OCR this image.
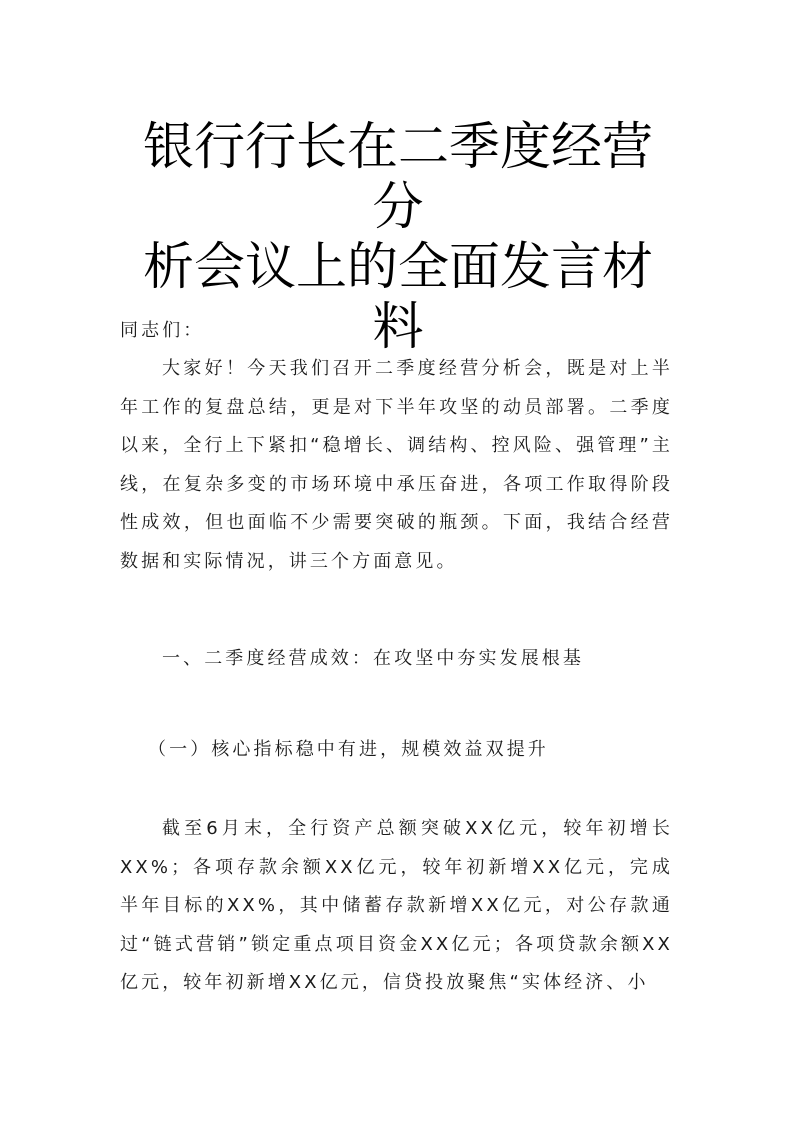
银行行长在二季度经营分
析会议上的全面发言材料

同志们：

大家好！今天我们召开二季度经营分析会，既是对上半年工作的复盘总结，更是对下半年攻坚的动员部署。二季度以来，全行上下紧扣“稳增长、调结构、控风险、强管理”主线，在复杂多变的市场环境中承压奋进，各项工作取得阶段性成效，但也面临不少需要突破的瓶颈。下面，我结合经营数据和实际情况，讲三个方面意见。

一、二季度经营成效：在攻坚中夯实发展根基

（一）核心指标稳中有进，规模效益双提升

截至6月末，全行资产总额突破XX亿元，较年初增长XX%；各项存款余额XX亿元，较年初新增XX亿元，完成半年目标的XX%，其中储蓄存款新增XX亿元，对公存款通过“链式营销”锁定重点项目资金XX亿元；各项贷款余额XX亿元，较年初新增XX亿元，信贷投放聚焦“实体经济、小
